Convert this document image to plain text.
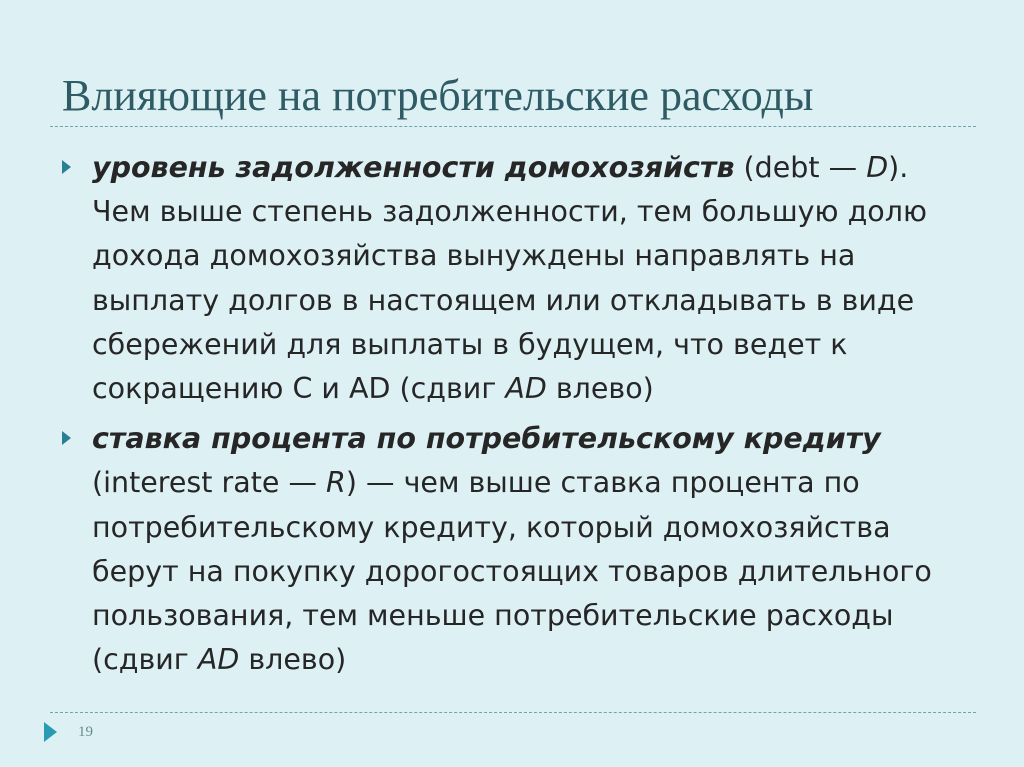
Влияющие на потребительские расходы
уровень задолженности домохозяйств (debt — D).
Чем выше степень задолженности, тем большую долю
дохода домохозяйства вынуждены направлять на
выплату долгов в настоящем или откладывать в виде
сбережений для выплаты в будущем, что ведет к
сокращению С и AD (сдвиг AD влево)
ставка процента по потребительскому кредиту
(interest rate — R) — чем выше ставка процента по
потребительскому кредиту, который домохозяйства
берут на покупку дорогостоящих товаров длительного
пользования, тем меньше потребительские расходы
(сдвиг AD влево)
19
